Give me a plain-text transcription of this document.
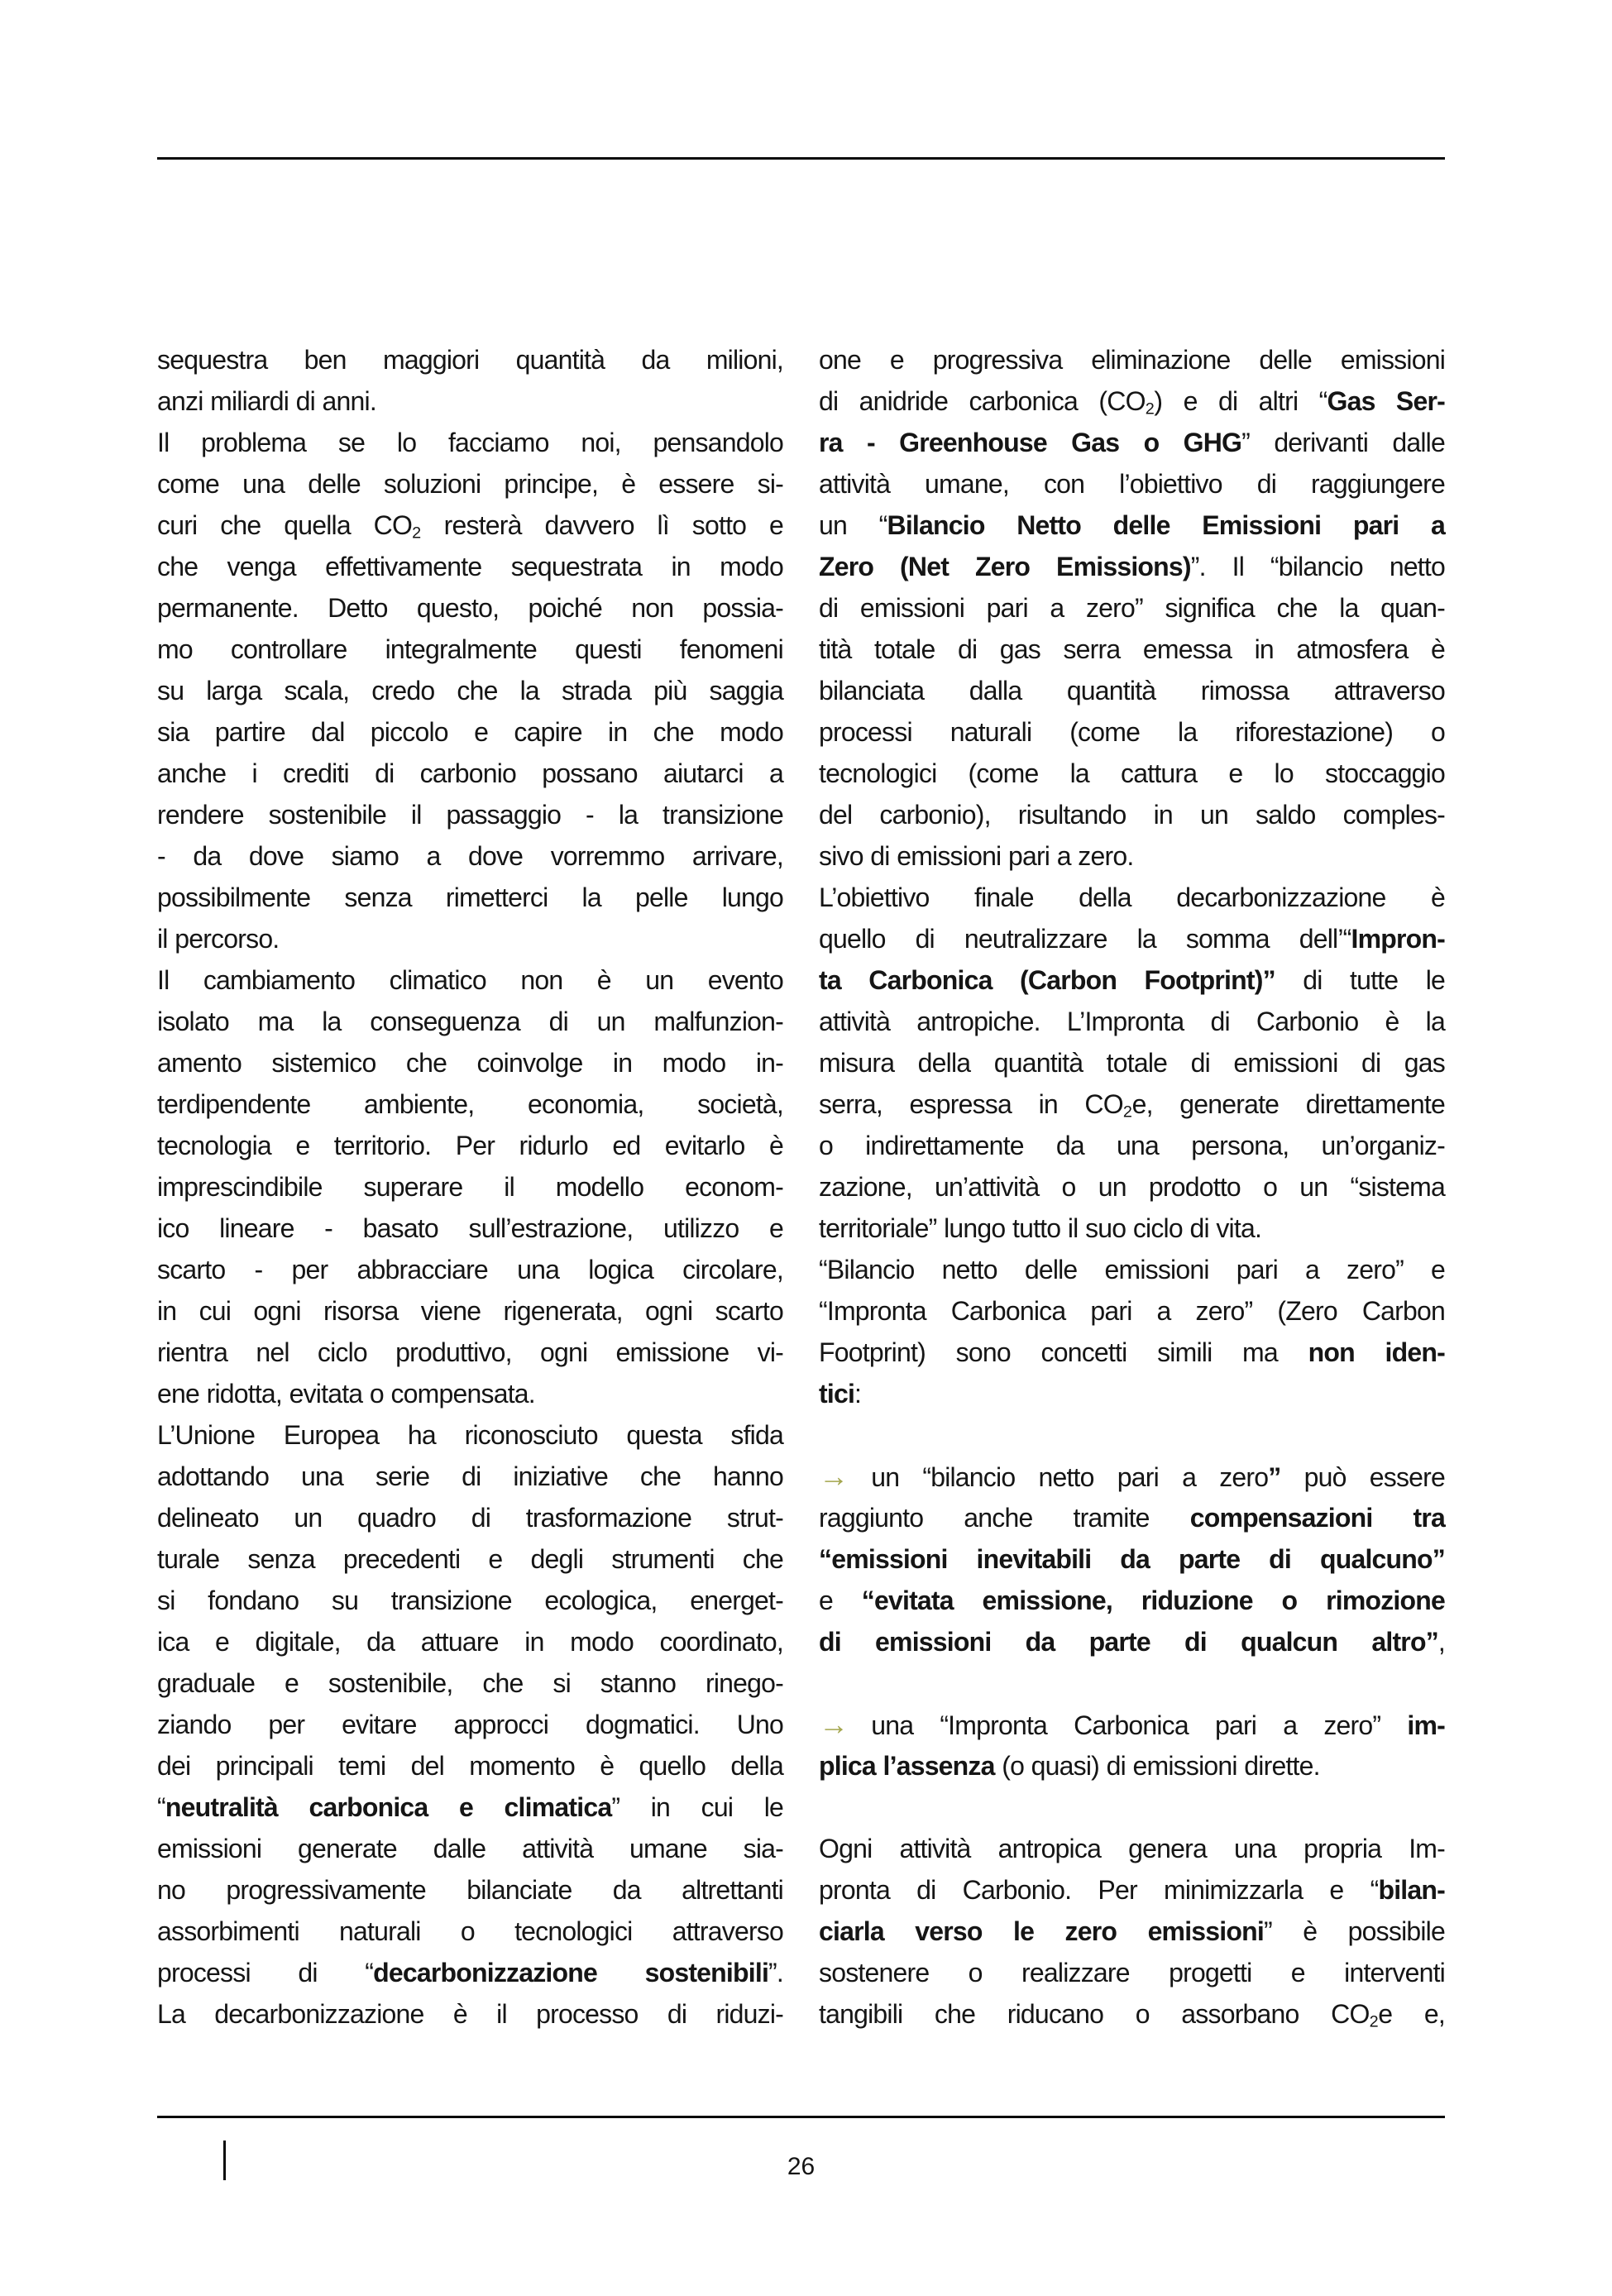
sequestra ben maggiori quantità da milioni,
anzi miliardi di anni.
Il problema se lo facciamo noi, pensandolo
come una delle soluzioni principe, è essere si-
curi che quella $CO_2$ resterà davvero lì sotto e
che venga effettivamente sequestrata in modo
permanente. Detto questo, poiché non possia-
mo controllare integralmente questi fenomeni
su larga scala, credo che la strada più saggia
sia partire dal piccolo e capire in che modo
anche i crediti di carbonio possano aiutarci a
rendere sostenibile il passaggio - la transizione
- da dove siamo a dove vorremmo arrivare,
possibilmente senza rimetterci la pelle lungo
il percorso.
Il cambiamento climatico non è un evento
isolato ma la conseguenza di un malfunzion-
amento sistemico che coinvolge in modo in-
terdipendente ambiente, economia, società,
tecnologia e territorio. Per ridurlo ed evitarlo è
imprescindibile superare il modello econom-
ico lineare - basato sull’estrazione, utilizzo e
scarto - per abbracciare una logica circolare,
in cui ogni risorsa viene rigenerata, ogni scarto
rientra nel ciclo produttivo, ogni emissione vi-
ene ridotta, evitata o compensata.
L’Unione Europea ha riconosciuto questa sfida
adottando una serie di iniziative che hanno
delineato un quadro di trasformazione strut-
turale senza precedenti e degli strumenti che
si fondano su transizione ecologica, energet-
ica e digitale, da attuare in modo coordinato,
graduale e sostenibile, che si stanno rinego-
ziando per evitare approcci dogmatici. Uno
dei principali temi del momento è quello della
“neutralità carbonica e climatica” in cui le
emissioni generate dalle attività umane sia-
no progressivamente bilanciate da altrettanti
assorbimenti naturali o tecnologici attraverso
processi di “decarbonizzazione sostenibili”.
La decarbonizzazione è il processo di riduzi-
one e progressiva eliminazione delle emissioni
di anidride carbonica $(CO_2)$ e di altri “Gas Ser-
ra - Greenhouse Gas o GHG” derivanti dalle
attività umane, con l’obiettivo di raggiungere
un “Bilancio Netto delle Emissioni pari a
Zero (Net Zero Emissions)”. Il “bilancio netto
di emissioni pari a zero” significa che la quan-
tità totale di gas serra emessa in atmosfera è
bilanciata dalla quantità rimossa attraverso
processi naturali (come la riforestazione) o
tecnologici (come la cattura e lo stoccaggio
del carbonio), risultando in un saldo comples-
sivo di emissioni pari a zero.
L’obiettivo finale della decarbonizzazione è
quello di neutralizzare la somma dell’“Impron-
ta Carbonica (Carbon Footprint)” di tutte le
attività antropiche. L’Impronta di Carbonio è la
misura della quantità totale di emissioni di gas
serra, espressa in $CO_2e$, generate direttamente
o indirettamente da una persona, un’organiz-
zazione, un’attività o un prodotto o un “sistema
territoriale” lungo tutto il suo ciclo di vita.
“Bilancio netto delle emissioni pari a zero” e
“Impronta Carbonica pari a zero” (Zero Carbon
Footprint) sono concetti simili ma non iden-
tici:
→ un “bilancio netto pari a zero” può essere
raggiunto anche tramite compensazioni tra
“emissioni inevitabili da parte di qualcuno”
e “evitata emissione, riduzione o rimozione
di emissioni da parte di qualcun altro”,
→ una “Impronta Carbonica pari a zero” im-
plica l’assenza (o quasi) di emissioni dirette.
Ogni attività antropica genera una propria Im-
pronta di Carbonio. Per minimizzarla e “bilan-
ciarla verso le zero emissioni” è possibile
sostenere o realizzare progetti e interventi
tangibili che riducano o assorbano $CO_2e$ e,
26
